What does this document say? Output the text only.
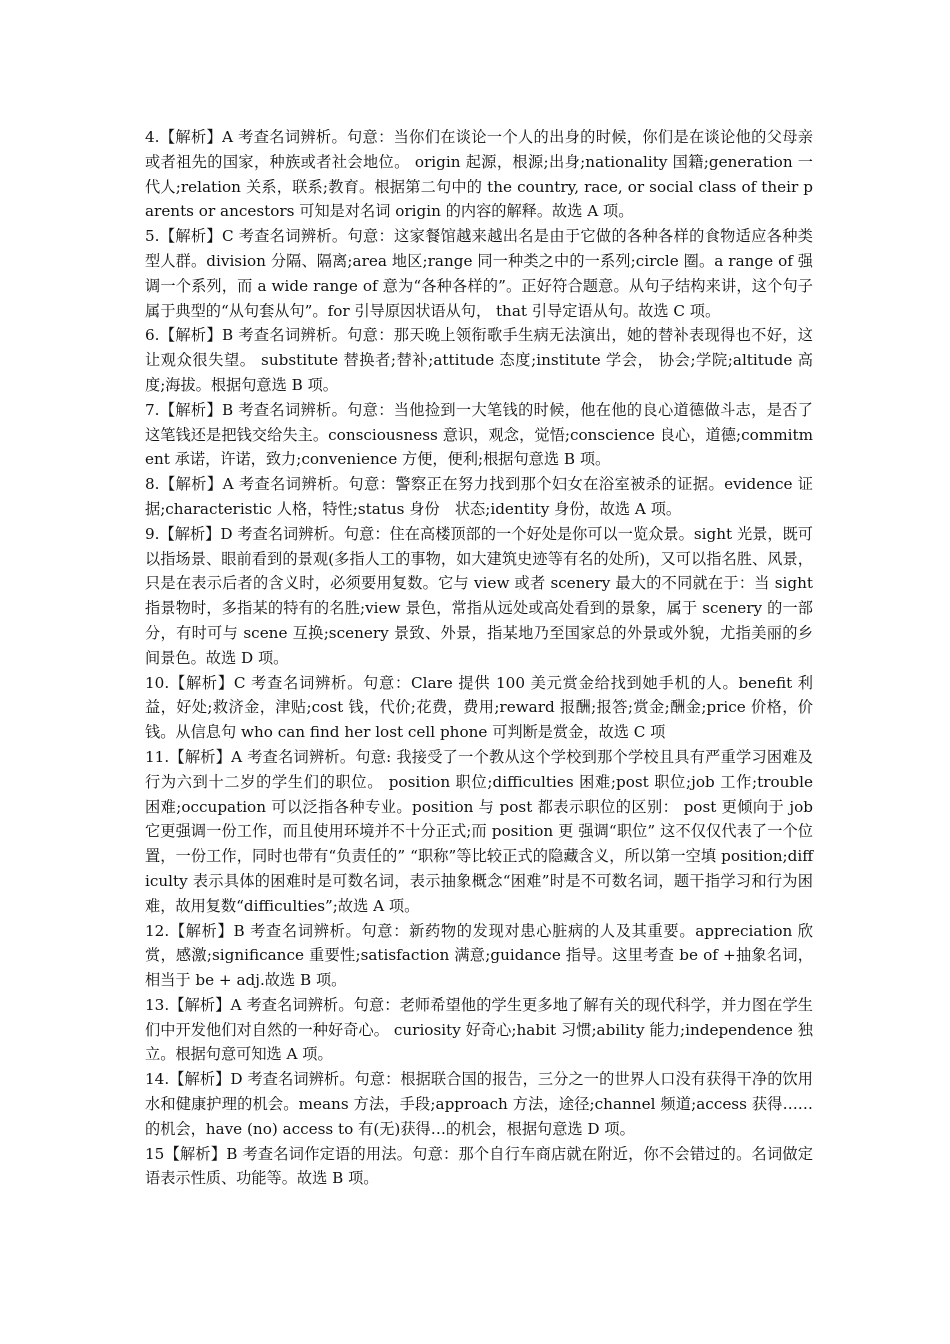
4.【解析】A 考查名词辨析。句意：当你们在谈论一个人的出身的时候，你们是在谈论他的父母亲或者祖先的国家，种族或者社会地位。 origin 起源，根源;出身;nationality 国籍;generation 一代人;relation 关系，联系;教育。根据第二句中的 the country, race, or social class of their parents or ancestors 可知是对名词 origin 的内容的解释。故选 A 项。

5.【解析】C 考查名词辨析。句意：这家餐馆越来越出名是由于它做的各种各样的食物适应各种类型人群。division 分隔、隔离;area 地区;range 同一种类之中的一系列;circle 圈。a range of 强调一个系列，而 a wide range of 意为“各种各样的”。正好符合题意。从句子结构来讲，这个句子属于典型的“从句套从句”。for 引导原因状语从句， that 引导定语从句。故选 C 项。

6.【解析】B 考查名词辨析。句意：那天晚上领衔歌手生病无法演出，她的替补表现得也不好，这让观众很失望。 substitute 替换者;替补;attitude 态度;institute 学会， 协会;学院;altitude 高度;海拔。根据句意选 B 项。

7.【解析】B 考查名词辨析。句意：当他捡到一大笔钱的时候，他在他的良心道德做斗志，是否了这笔钱还是把钱交给失主。consciousness 意识，观念，觉悟;conscience 良心，道德;commitment 承诺，许诺，致力;convenience 方便，便利;根据句意选 B 项。

8.【解析】A 考查名词辨析。句意：警察正在努力找到那个妇女在浴室被杀的证据。evidence 证据;characteristic 人格，特性;status 身份　状态;identity 身份，故选 A 项。

9.【解析】D 考查名词辨析。句意：住在高楼顶部的一个好处是你可以一览众景。sight 光景，既可以指场景、眼前看到的景观(多指人工的事物，如大建筑史迹等有名的处所)，又可以指名胜、风景，只是在表示后者的含义时，必须要用复数。它与 view 或者 scenery 最大的不同就在于：当 sight 指景物时，多指某的特有的名胜;view 景色，常指从远处或高处看到的景象，属于 scenery 的一部分，有时可与 scene 互换;scenery 景致、外景，指某地乃至国家总的外景或外貌，尤指美丽的乡间景色。故选 D 项。

10.【解析】C 考查名词辨析。句意：Clare 提供 100 美元赏金给找到她手机的人。benefit 利益，好处;救济金，津贴;cost 钱，代价;花费，费用;reward 报酬;报答;赏金;酬金;price 价格，价钱。从信息句 who can find her lost cell phone 可判断是赏金，故选 C 项

11.【解析】A 考查名词辨析。句意: 我接受了一个教从这个学校到那个学校且具有严重学习困难及行为六到十二岁的学生们的职位。 position 职位;difficulties 困难;post 职位;job 工作;trouble 困难;occupation 可以泛指各种专业。position 与 post 都表示职位的区别： post 更倾向于 job 它更强调一份工作，而且使用环境并不十分正式;而 position 更 强调“职位” 这不仅仅代表了一个位置，一份工作，同时也带有“负责任的” “职称”等比较正式的隐藏含义，所以第一空填 position;difficulty 表示具体的困难时是可数名词，表示抽象概念“困难”时是不可数名词，题干指学习和行为困难，故用复数“difficulties”;故选 A 项。

12.【解析】B 考查名词辨析。句意：新药物的发现对患心脏病的人及其重要。appreciation 欣赏，感激;significance 重要性;satisfaction 满意;guidance 指导。这里考查 be of +抽象名词，相当于 be + adj.故选 B 项。

13.【解析】A 考查名词辨析。句意：老师希望他的学生更多地了解有关的现代科学，并力图在学生们中开发他们对自然的一种好奇心。 curiosity 好奇心;habit 习惯;ability 能力;independence 独立。根据句意可知选 A 项。

14.【解析】D 考查名词辨析。句意：根据联合国的报告，三分之一的世界人口没有获得干净的饮用水和健康护理的机会。means 方法，手段;approach 方法，途径;channel 频道;access 获得……的机会，have (no) access to 有(无)获得…的机会，根据句意选 D 项。

15【解析】B 考查名词作定语的用法。句意：那个自行车商店就在附近，你不会错过的。名词做定语表示性质、功能等。故选 B 项。
